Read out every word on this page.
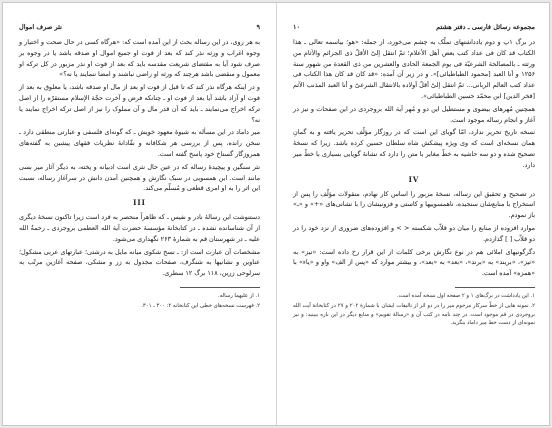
۹
نثر صرف اموال

به هر روی، در این رساله بحث از این آمده است که: «هرگاه کسی در حال صحت و اختیار و وجوه اغراب و ورثه نذر کند که بعد از فوت او جمیع اموال او صدقه باشد یا در وجوه بر صرف شود آیا به مقتضای شریعت مقدسه باید که بعد از فوت او نذر مزبور در کل ترکه او معمول و منقضی باشد هرچند که ورثه او راضی نباشند و امضا ننمایند یا نه؟»

و در اینکه هرگاه نذر کند که تا قبل از فوت او بعد از مال او صدقه باشد، یا معلوق به بعد از فوت او آزاد باشد آیا بعد از فوت او ـ چنانکه فرض و آخرت حجّة الإسلام مستقرّه را از اصل ترکه اخراج می‌نمایند ـ باید که آن قدر مال و آن مملوک را نیز از اصل ترکه اخراج نمایند یا نه؟

میر داماد در این مسأله به شیوهٔ معهود خویش ـ که گونه‌ای فلسفی و عبارتی منطقی دارد ـ سخن رانده، پس از بررسی هر شکافانه و نقّادانهٔ نظریات فقهای پیشین به گفته‌های همروزگار گستاخ خود پاسخ گفته است.

نثر سنگین و پیچیدهٔ رساله که در عین حال نثری است ادبیانه و پخته، به دیگر آثار میر بسی مانند است. این همسویی در سبک نگارش و همچنین آمدن دانش در سرآغاز رساله، نسبت این اثر را به او امری قطعی و مُسلّم می‌کند.

III

دستنوشت این رسالهٔ نادر و نفیس ـ که ظاهراً منحصر به فرد است زیرا تاکنون نسخهٔ دیگری از آن شناسانده نشده ـ در کتابخانهٔ مؤسسهٔ حضرت آیة الله العظمی بروجردی ـ رحمةُ الله علیه ـ در شهرستان قم به شمارهٔ ۲۶۳ نگهداری می‌شود.

مشخصات آن عبارت است از: ـ نسخ شکوی میانه مایل به درشتی؛ عبارتهای عربی مشکول؛ عناوین و نشانیها به شنگرف، صفحات مجدول به زر و مشکی، صفحه آغازین مرتّب به سرلوحی زرین، ۱۱۸ برگ ۱۲ سطری.

۱. از علیهما رساله.

۲. فهرست نسخه‌های خطی این کتابخانه ۲: ۳۰۰ ـ ۳۰۱.

مجموعه رسائل فارسی ـ دفتر هشتم
۱۰

در برگ ۱پ و دوم یادداشتهای تملّک به چشم می‌خورد، از جمله: «هو؛ بیاسمه تعالی ـ هذا الکتاب قد کان فی عداد کتب بعض أهل الأعلام؛ ثمّ انتقل إلیّ الأقلّ ذی الجرائم والآثام من ورثته ـ بالمصالحة الشرعیّة فی یوم الجمعة الحادی والعشرین من ذی القعدة من شهور سنة ۱۲۵۶ و أنا العبد [محمود الطباطبائی]». و در زیر آن آمده: «قد کان قد کان هذا الکتاب فی عداد کتب العالم الربانی... ثمّ انتقل إلیّ أقلّ أولاده بالانتقال الشرعیّ و أنا العبد المذنب الآثم [فخر الدین] ابن محمّد حسین الطباطبائی».

همچنین مُهرهای بیضوی و مستطیل این دو و مُهر آیة الله بروجردی در این صفحات و نیز در آغاز و انجام رساله موجود است.

نسخه تاریخ تحریر ندارد، امّا گویای این است که در روزگار مؤلّف تحریر یافته و به گمانِ همان نسخه‌ای است که وی ویژه پیشکش شاه سلطان حسین کرده باشد. زیرا که نسخهٔ تصحیح شده و دو سه حاشیه به خطّ مغایر با متن را دارد که نشانهٔ گویایی بسیاری با خطّ میر دارد.

IV

در تصحیح و تحقیق این رساله، نسخهٔ مزبور را اساس کار نهادم، منقولات مؤلّف را پس از استخراج با منابع‌شان سنجیده، ناهمسوییها و کاستی و فزونیشان را با نشانی‌های «+» و «ـ» باز نمودم.

موارد افزوده از منابع را میان دو قلاّب شکسته < > و افزوده‌های ضروری از نزد خود را در دو قلاّب [ ] گذاردم.

دگرگونیهای املائی هم در نوع نگارش برخی کلمات از این قرار رخ داده است: «نیز» به «تیز»، «بریند» به «برند»، «بعد» به «بعد»، و بیشتر موارد که «پس از الف» واو و «یاء» با «همزه» آمده است.

۱. این یادداشت در برگ‌های ۱ و ۲ صفحه اول نسخه آمده است.

۲. نمونه هایی از خطّ سرکار مرحوم میر را در دو اثر از تالیفات ایشان با شمارهٔ ۲۰۲ و ۲۷ در کتابخانهٔ آیت الله بروجردی در قم موجود است. در چند نامه در کتب آن و «رسالهٔ تقویم» و منابع دیگر در این باره ببینید: و نیز نمونه‌ای از دست خط میر داماد بنگرید.
